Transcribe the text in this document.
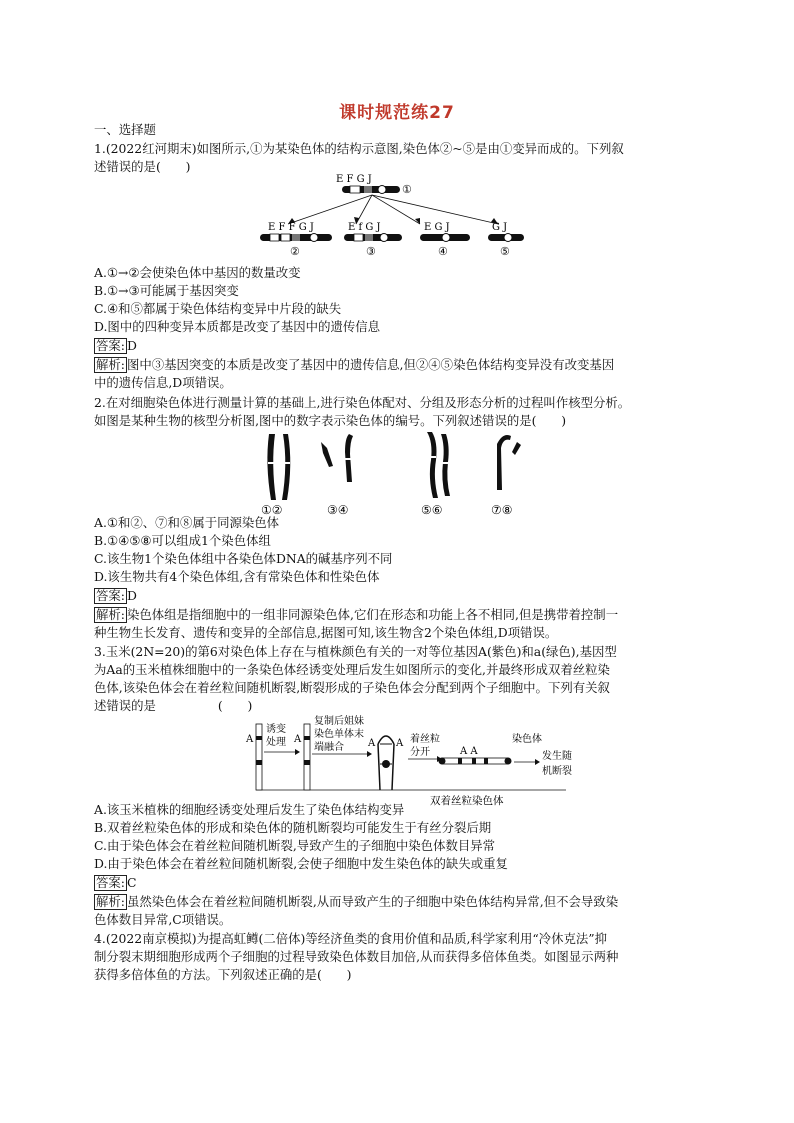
课时规范练27
一、选择题
1.(2022红河期末)如图所示,①为某染色体的结构示意图,染色体②~⑤是由①变异而成的。下列叙
述错误的是(　　)
E F G J
①
E F F G J
②
E f G J
③
E G J
④
G J
⑤
A.①→②会使染色体中基因的数量改变
B.①→③可能属于基因突变
C.④和⑤都属于染色体结构变异中片段的缺失
D.图中的四种变异本质都是改变了基因中的遗传信息
答案: D
解析: 图中③基因突变的本质是改变了基因中的遗传信息,但②④⑤染色体结构变异没有改变基因
中的遗传信息,D项错误。
2.在对细胞染色体进行测量计算的基础上,进行染色体配对、分组及形态分析的过程叫作核型分析。
如图是某种生物的核型分析图,图中的数字表示染色体的编号。下列叙述错误的是(　　)
①②	③④	⑤⑥	⑦⑧
A.①和②、⑦和⑧属于同源染色体
B.①④⑤⑧可以组成1个染色体组
C.该生物1个染色体组中各染色体DNA的碱基序列不同
D.该生物共有4个染色体组,含有常染色体和性染色体
答案: D
解析: 染色体组是指细胞中的一组非同源染色体,它们在形态和功能上各不相同,但是携带着控制一
种生物生长发育、遗传和变异的全部信息,据图可知,该生物含2个染色体组,D项错误。
3.玉米(2N=20)的第6对染色体上存在与植株颜色有关的一对等位基因A(紫色)和a(绿色),基因型
为Aa的玉米植株细胞中的一条染色体经诱变处理后发生如图所示的变化,并最终形成双着丝粒染
色体,该染色体会在着丝粒间随机断裂,断裂形成的子染色体会分配到两个子细胞中。下列有关叙
述错误的是　　　　　(　　)
A
诱变
处理 A
复制后姐妹
染色单体末
端融合 A A 着丝粒
分开	A A
染色体
发生随
机断裂
双着丝粒染色体
A.该玉米植株的细胞经诱变处理后发生了染色体结构变异
B.双着丝粒染色体的形成和染色体的随机断裂均可能发生于有丝分裂后期
C.由于染色体会在着丝粒间随机断裂,导致产生的子细胞中染色体数目异常
D.由于染色体会在着丝粒间随机断裂,会使子细胞中发生染色体的缺失或重复
答案: C
解析: 虽然染色体会在着丝粒间随机断裂,从而导致产生的子细胞中染色体结构异常,但不会导致染
色体数目异常,C项错误。
4.(2022南京模拟)为提高虹鳟(二倍体)等经济鱼类的食用价值和品质,科学家利用“冷休克法”抑
制分裂末期细胞形成两个子细胞的过程导致染色体数目加倍,从而获得多倍体鱼类。如图显示两种
获得多倍体鱼的方法。下列叙述正确的是(　　)
